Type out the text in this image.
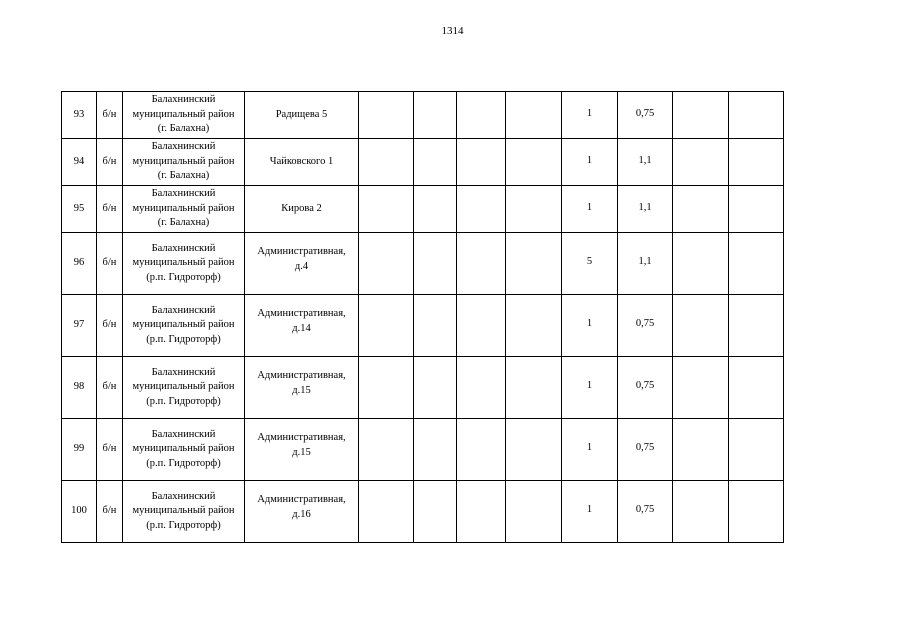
1314
93	б/н	Балахнинский
муниципальный район
(г. Балахна)	Радищева 5					1	0,75		
94	б/н	Балахнинский
муниципальный район
(г. Балахна)	Чайковского 1					1	1,1		
95	б/н	Балахнинский
муниципальный район
(г. Балахна)	Кирова 2					1	1,1		
96	б/н	Балахнинский
муниципальный район
(р.п. Гидроторф)	Административная,
д.4					5	1,1		
97	б/н	Балахнинский
муниципальный район
(р.п. Гидроторф)	Административная,
д.14					1	0,75		
98	б/н	Балахнинский
муниципальный район
(р.п. Гидроторф)	Административная,
д.15					1	0,75		
99	б/н	Балахнинский
муниципальный район
(р.п. Гидроторф)	Административная,
д.15					1	0,75		
100	б/н	Балахнинский
муниципальный район
(р.п. Гидроторф)	Административная,
д.16					1	0,75		
